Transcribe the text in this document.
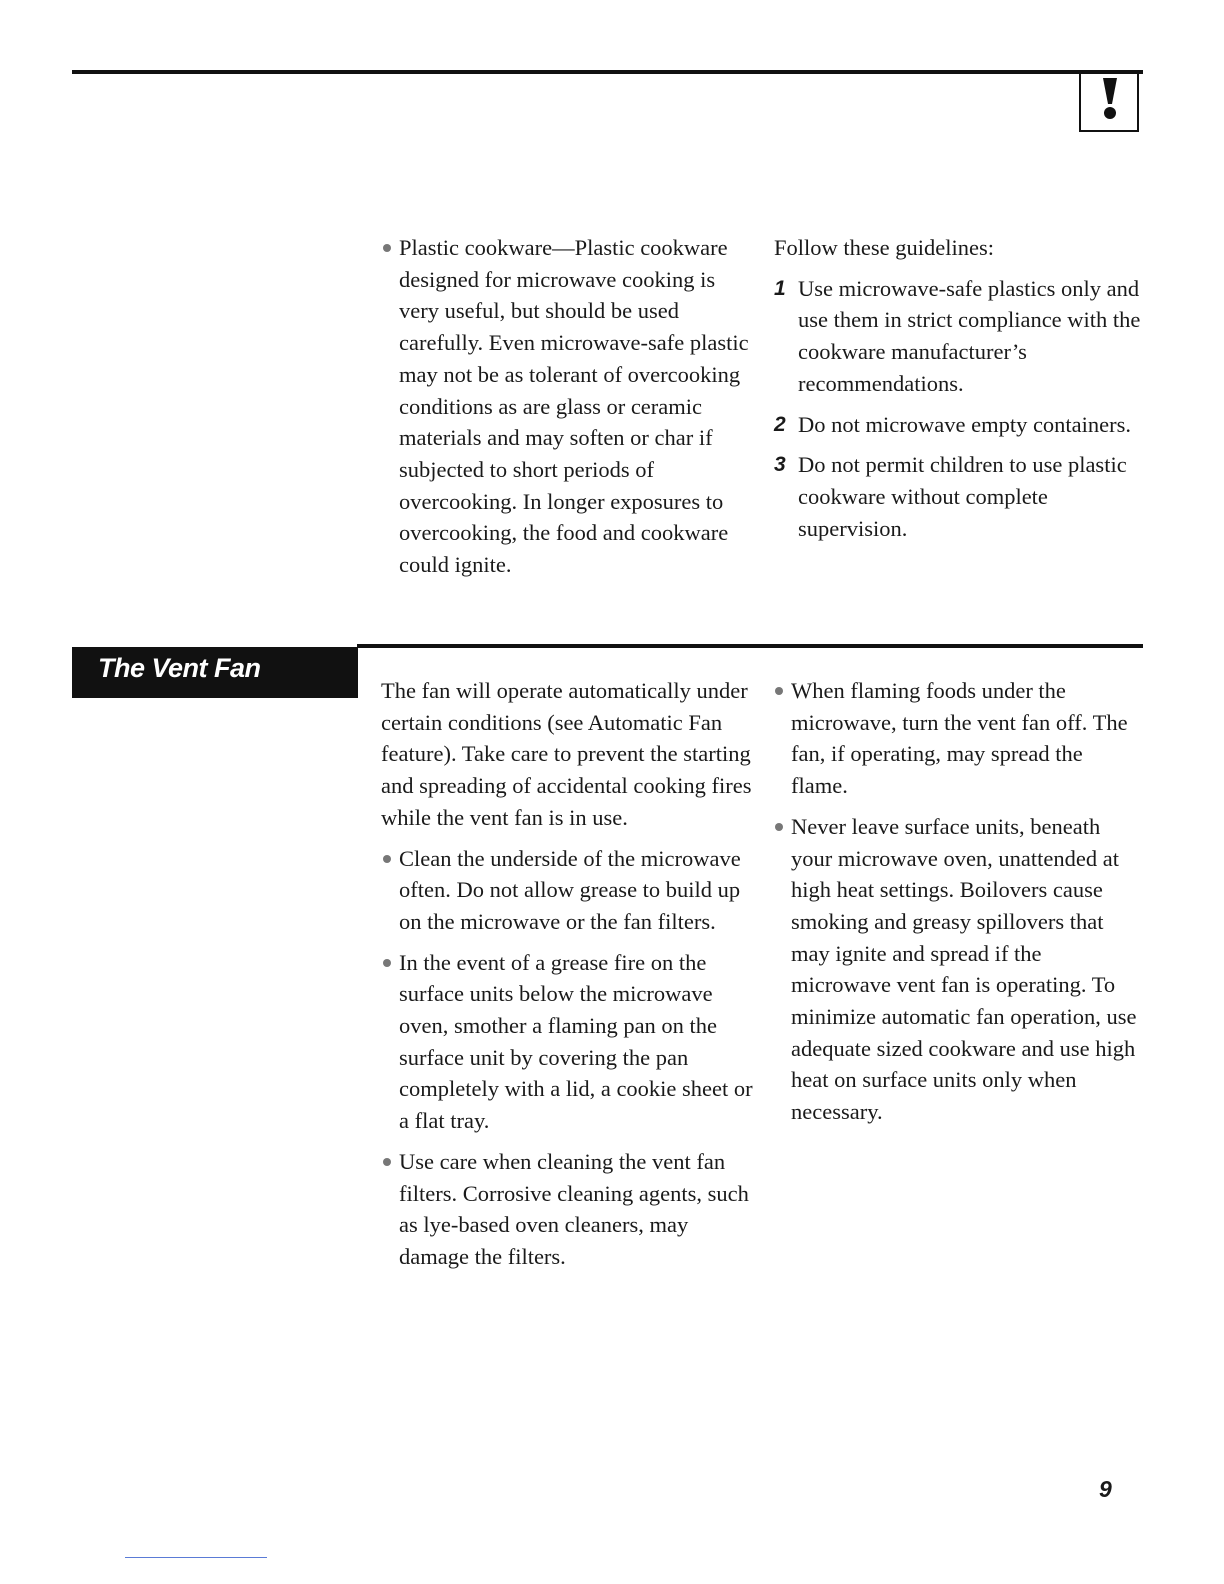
Plastic cookware—Plastic cookware designed for microwave cooking is very useful, but should be used carefully. Even microwave-safe plastic may not be as tolerant of overcooking conditions as are glass or ceramic materials and may soften or char if subjected to short periods of overcooking. In longer exposures to overcooking, the food and cookware could ignite.

Follow these guidelines:

1 Use microwave-safe plastics only and use them in strict compliance with the cookware manufacturer’s recommendations.
2 Do not microwave empty containers.
3 Do not permit children to use plastic cookware without complete supervision.
The Vent Fan

The fan will operate automatically under certain conditions (see Automatic Fan feature). Take care to prevent the starting and spreading of accidental cooking fires while the vent fan is in use.

Clean the underside of the microwave often. Do not allow grease to build up on the microwave or the fan filters.
In the event of a grease fire on the surface units below the microwave oven, smother a flaming pan on the surface unit by covering the pan completely with a lid, a cookie sheet or a flat tray.
Use care when cleaning the vent fan filters. Corrosive cleaning agents, such as lye-based oven cleaners, may damage the filters.
When flaming foods under the microwave, turn the vent fan off. The fan, if operating, may spread the flame.
Never leave surface units, beneath your microwave oven, unattended at high heat settings. Boilovers cause smoking and greasy spillovers that may ignite and spread if the microwave vent fan is operating. To minimize automatic fan operation, use adequate sized cookware and use high heat on surface units only when necessary.
9
